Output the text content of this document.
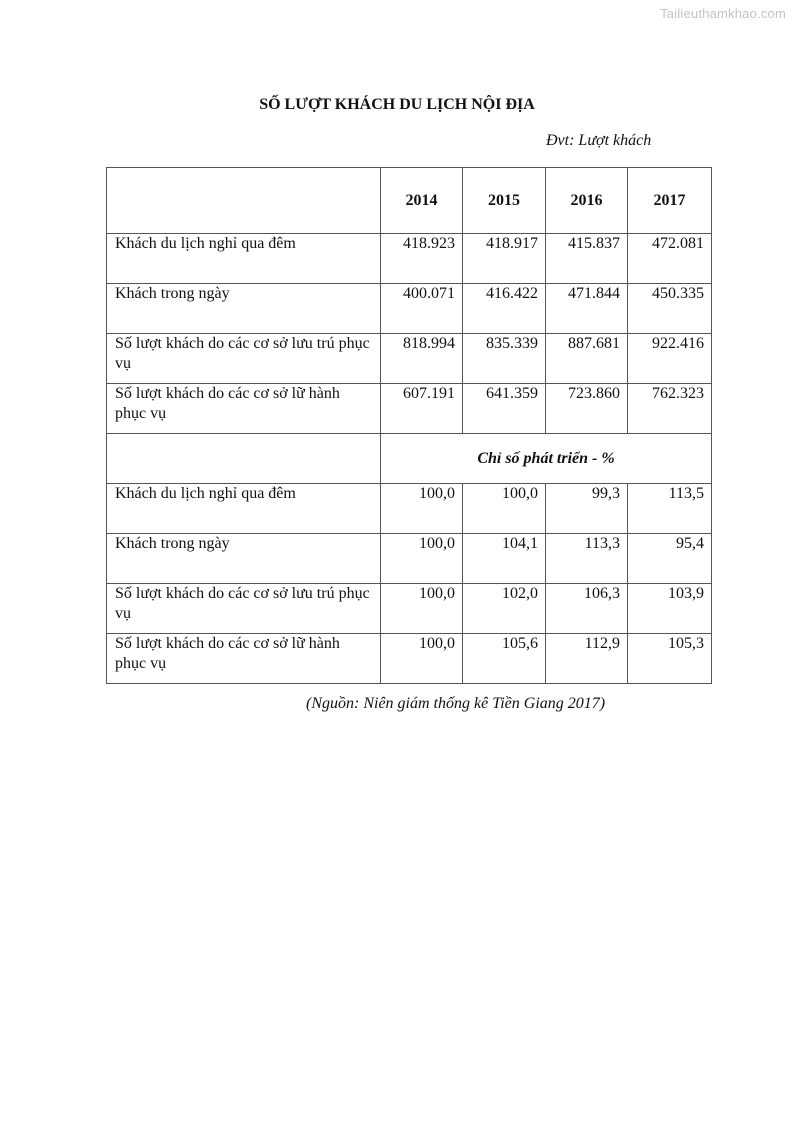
Tailieuthamkhao.com
SỐ LƯỢT KHÁCH DU LỊCH NỘI ĐỊA
Đvt: Lượt khách
	2014	2015	2016	2017
Khách du lịch nghỉ qua đêm	418.923	418.917	415.837	472.081
Khách trong ngày	400.071	416.422	471.844	450.335
Số lượt khách do các cơ sở lưu trú phục vụ	818.994	835.339	887.681	922.416
Số lượt khách do các cơ sở lữ hành phục vụ	607.191	641.359	723.860	762.323
	Chỉ số phát triển - %			
Khách du lịch nghỉ qua đêm	100,0	100,0	99,3	113,5
Khách trong ngày	100,0	104,1	113,3	95,4
Số lượt khách do các cơ sở lưu trú phục vụ	100,0	102,0	106,3	103,9
Số lượt khách do các cơ sở lữ hành phục vụ	100,0	105,6	112,9	105,3
(Nguồn: Niên giám thống kê Tiền Giang 2017)
